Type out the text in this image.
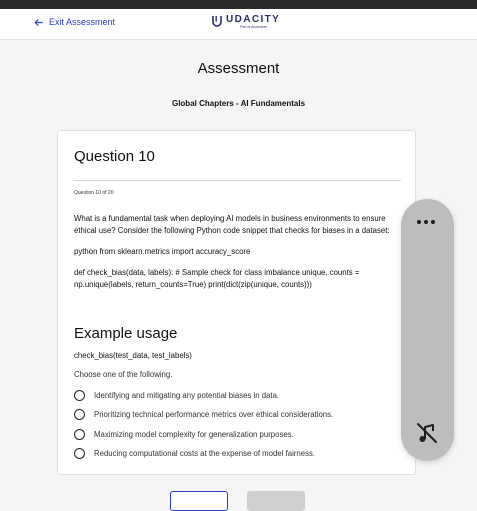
Exit Assessment	UDACITY
Part of Accenture
Assessment
Global Chapters - AI Fundamentals
Question 10
Question 10 of 20

What is a fundamental task when deploying AI models in business environments to ensure ethical use? Consider the following Python code snippet that checks for biases in a dataset:

python from sklearn.metrics import accuracy_score

def check_bias(data, labels): # Sample check for class imbalance unique, counts = np.unique(labels, return_counts=True) print(dict(zip(unique, counts)))

Example usage
check_bias(test_data, test_labels)
Choose one of the following.
Identifying and mitigating any potential biases in data.
Prioritizing technical performance metrics over ethical considerations.
Maximizing model complexity for generalization purposes.
Reducing computational costs at the expense of model fairness.
